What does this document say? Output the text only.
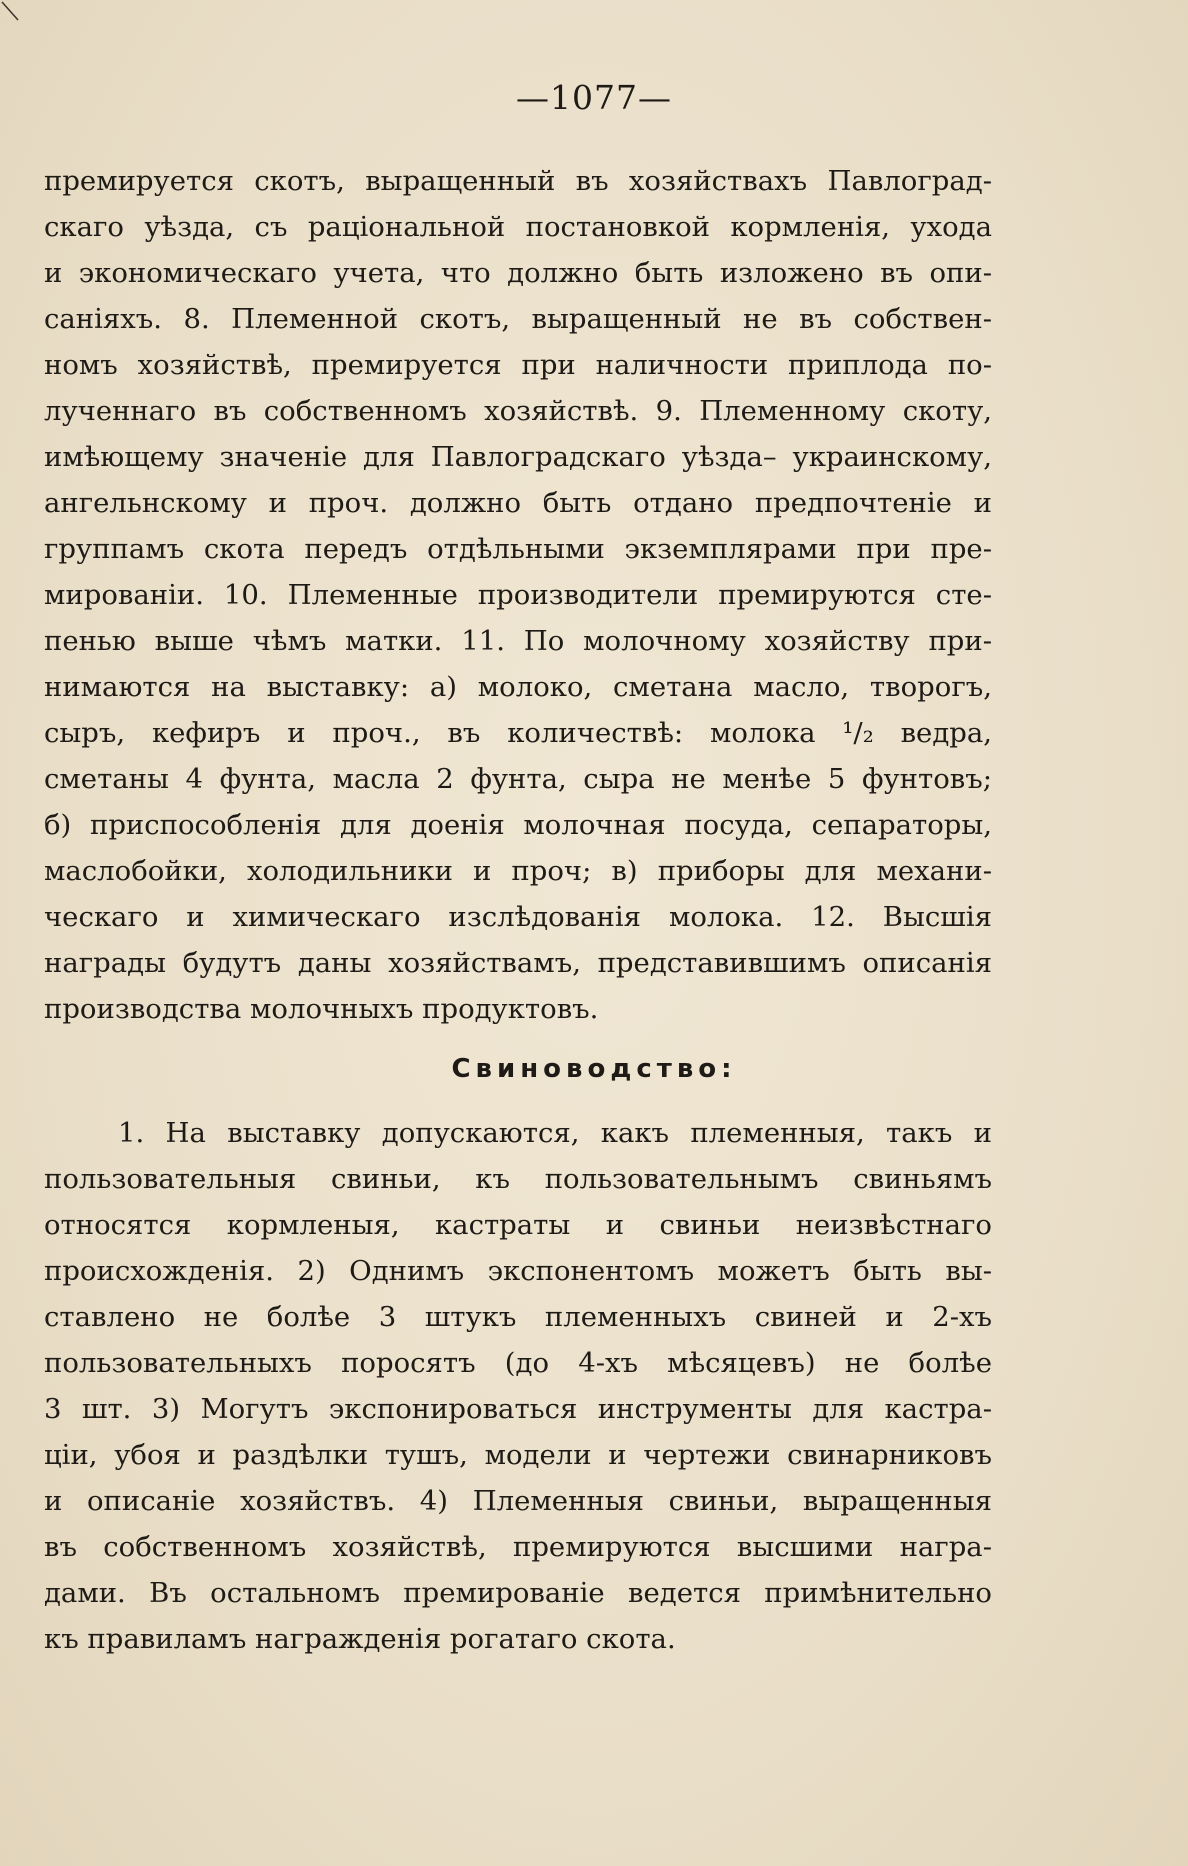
—1077—
премируется скотъ, выращенный въ хозяйствахъ Павлоград-
скаго уѣзда, съ раціональной постановкой кормленія, ухода
и экономическаго учета, что должно быть изложено въ опи-
саніяхъ. 8. Племенной скотъ, выращенный не въ собствен-
номъ хозяйствѣ, премируется при наличности приплода по-
лученнаго въ собственномъ хозяйствѣ. 9. Племенному скоту,
имѣющему значеніе для Павлоградскаго уѣзда– украинскому,
ангельнскому и проч. должно быть отдано предпочтеніе и
группамъ скота передъ отдѣльными экземплярами при пре-
мированіи. 10. Племенные производители премируются сте-
пенью выше чѣмъ матки. 11. По молочному хозяйству при-
нимаются на выставку: а) молоко, сметана масло, творогъ,
сыръ, кефиръ и проч., въ количествѣ: молока ¹/₂ ведра,
сметаны 4 фунта, масла 2 фунта, сыра не менѣе 5 фунтовъ;
б) приспособленія для доенія молочная посуда, сепараторы,
маслобойки, холодильники и проч; в) приборы для механи-
ческаго и химическаго изслѣдованія молока. 12. Высшія
награды будутъ даны хозяйствамъ, представившимъ описанія
производства молочныхъ продуктовъ.
Свиноводство:
1. На выставку допускаются, какъ племенныя, такъ и
пользовательныя свиньи, къ пользовательнымъ свиньямъ
относятся кормленыя, кастраты и свиньи неизвѣстнаго
происхожденія. 2) Однимъ экспонентомъ можетъ быть вы-
ставлено не болѣе 3 штукъ племенныхъ свиней и 2-хъ
пользовательныхъ поросятъ (до 4-хъ мѣсяцевъ) не болѣе
3 шт. 3) Могутъ экспонироваться инструменты для кастра-
ціи, убоя и раздѣлки тушъ, модели и чертежи свинарниковъ
и описаніе хозяйствъ. 4) Племенныя свиньи, выращенныя
въ собственномъ хозяйствѣ, премируются высшими награ-
дами. Въ остальномъ премированіе ведется примѣнительно
къ правиламъ награжденія рогатаго скота.
